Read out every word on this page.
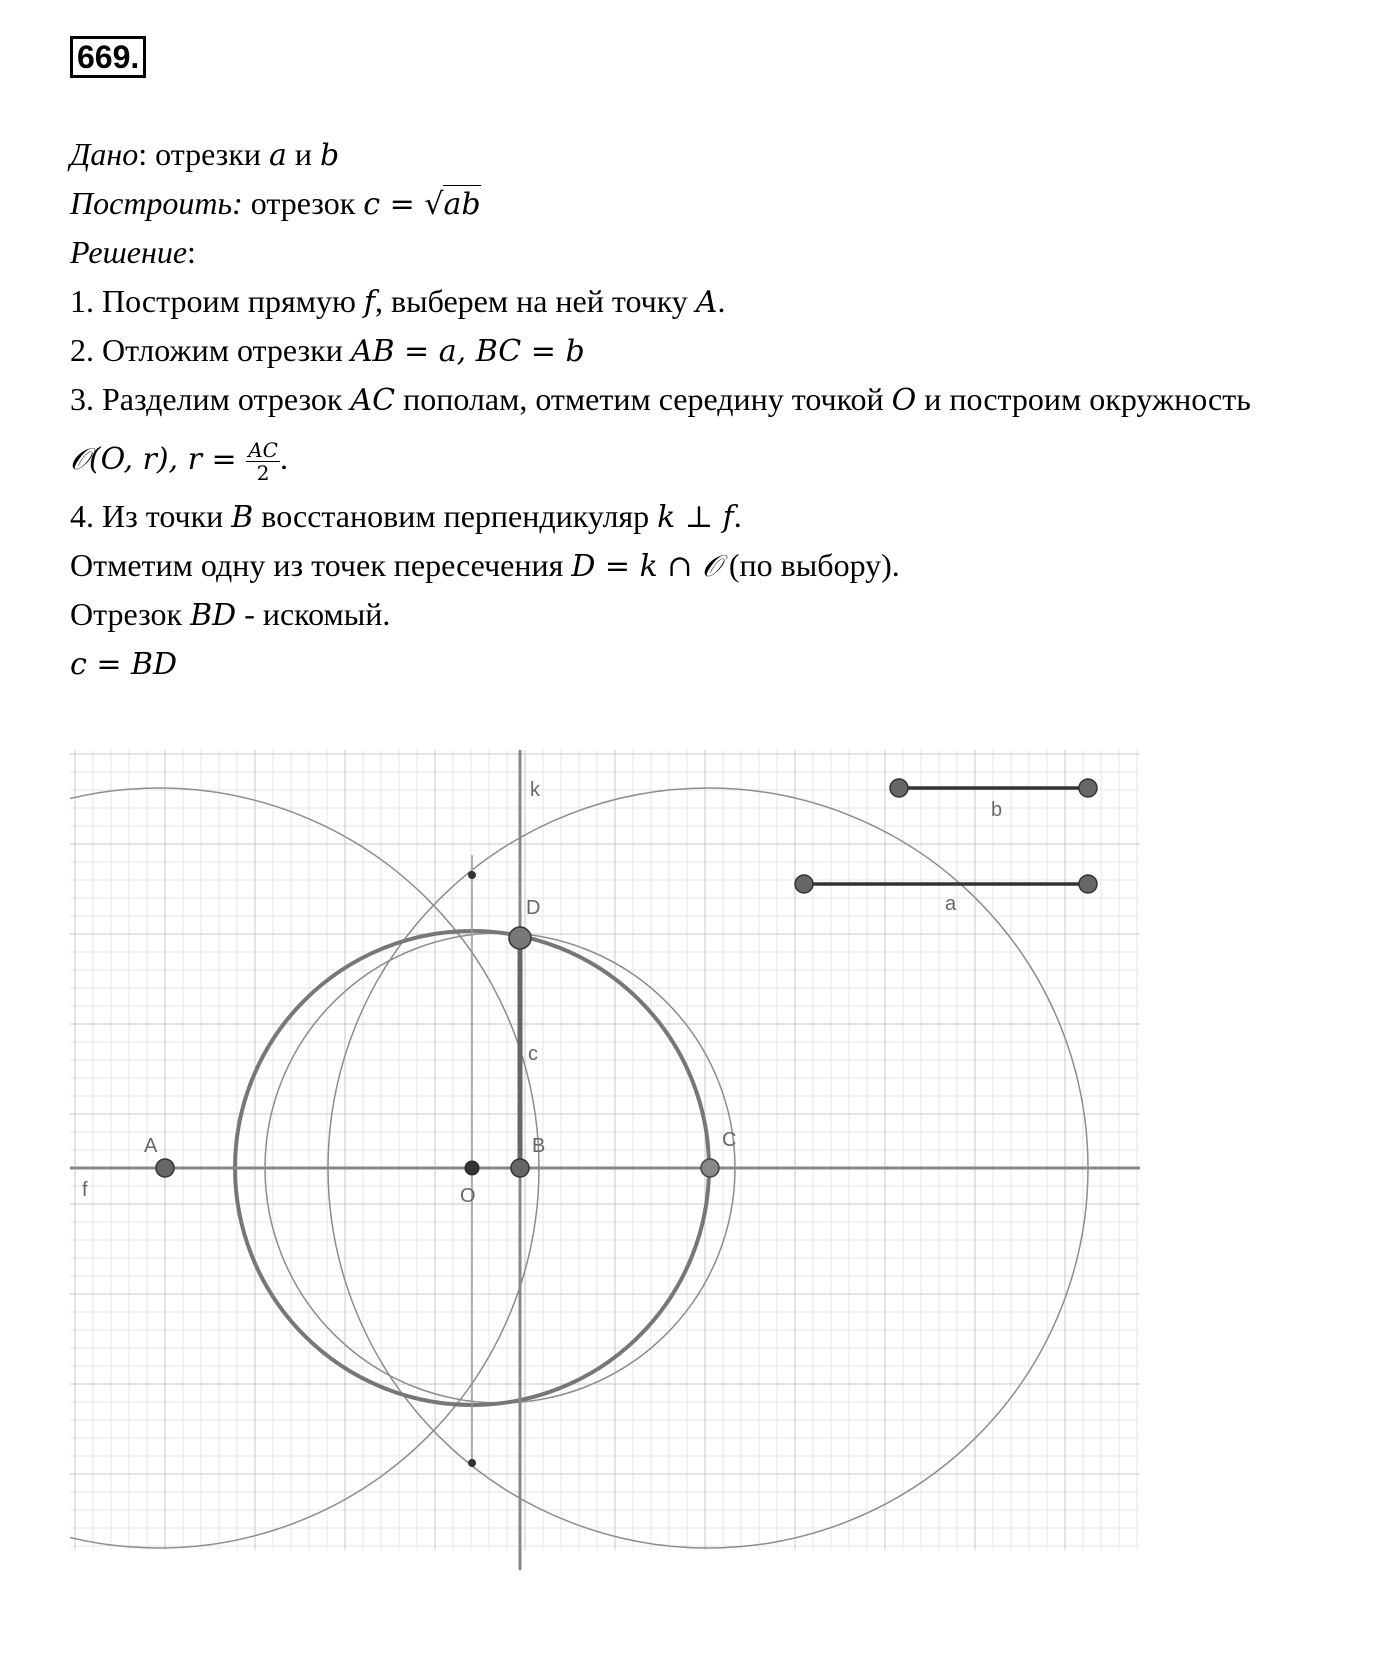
669.
Дано: отрезки a и b
Построить: отрезок c = √ab
Решение:
1. Построим прямую f, выберем на ней точку A.
2. Отложим отрезки AB = a, BC = b
3. Разделим отрезок AC пополам, отметим середину точкой O и построим окружность
𝒪(O, r), $r = \frac{AC}{2}$ .
4. Из точки B восстановим перпендикуляр k ⊥ f.
Отметим одну из точек пересечения D = k ∩ 𝒪 (по выбору).
Отрезок BD - искомый.
c = BD
k
f
A	B	C
D
O
b
a
c
